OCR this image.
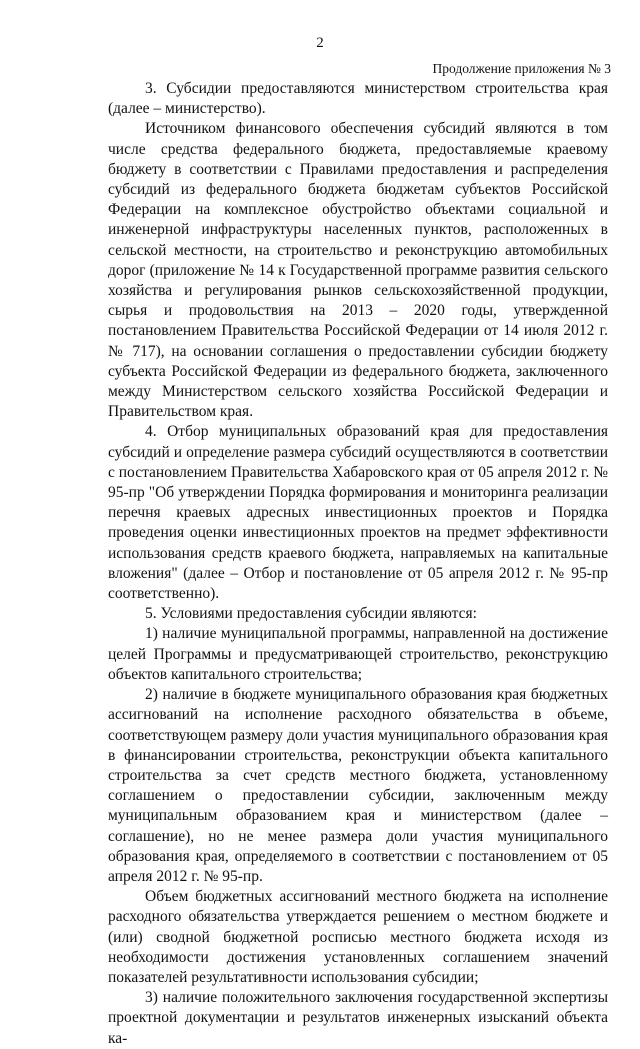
2
Продолжение приложения № 3

3. Субсидии предоставляются министерством строительства края (далее – министерство).

Источником финансового обеспечения субсидий являются в том числе средства федерального бюджета, предоставляемые краевому бюджету в соответствии с Правилами предоставления и распределения субсидий из федерального бюджета бюджетам субъектов Российской Федерации на комплексное обустройство объектами социальной и инженерной инфраструктуры населенных пунктов, расположенных в сельской местности, на строительство и реконструкцию автомобильных дорог (приложение № 14 к Государственной программе развития сельского хозяйства и регулирования рынков сельскохозяйственной продукции, сырья и продовольствия на 2013 – 2020 годы, утвержденной постановлением Правительства Российской Федерации от 14 июля 2012 г. № 717), на основании соглашения о предоставлении субсидии бюджету субъекта Российской Федерации из федерального бюджета, заключенного между Министерством сельского хозяйства Российской Федерации и Правительством края.

4. Отбор муниципальных образований края для предоставления субсидий и определение размера субсидий осуществляются в соответствии с постановлением Правительства Хабаровского края от 05 апреля 2012 г. № 95-пр "Об утверждении Порядка формирования и мониторинга реализации перечня краевых адресных инвестиционных проектов и Порядка проведения оценки инвестиционных проектов на предмет эффективности использования средств краевого бюджета, направляемых на капитальные вложения" (далее – Отбор и постановление от 05 апреля 2012 г. № 95-пр соответственно).

5. Условиями предоставления субсидии являются:

1) наличие муниципальной программы, направленной на достижение целей Программы и предусматривающей строительство, реконструкцию объектов капитального строительства;

2) наличие в бюджете муниципального образования края бюджетных ассигнований на исполнение расходного обязательства в объеме, соответствующем размеру доли участия муниципального образования края в финансировании строительства, реконструкции объекта капитального строительства за счет средств местного бюджета, установленному соглашением о предоставлении субсидии, заключенным между муниципальным образованием края и министерством (далее – соглашение), но не менее размера доли участия муниципального образования края, определяемого в соответствии с постановлением от 05 апреля 2012 г. № 95-пр.

Объем бюджетных ассигнований местного бюджета на исполнение расходного обязательства утверждается решением о местном бюджете и (или) сводной бюджетной росписью местного бюджета исходя из необходимости достижения установленных соглашением значений показателей результативности использования субсидии;

3) наличие положительного заключения государственной экспертизы проектной документации и результатов инженерных изысканий объекта ка-
